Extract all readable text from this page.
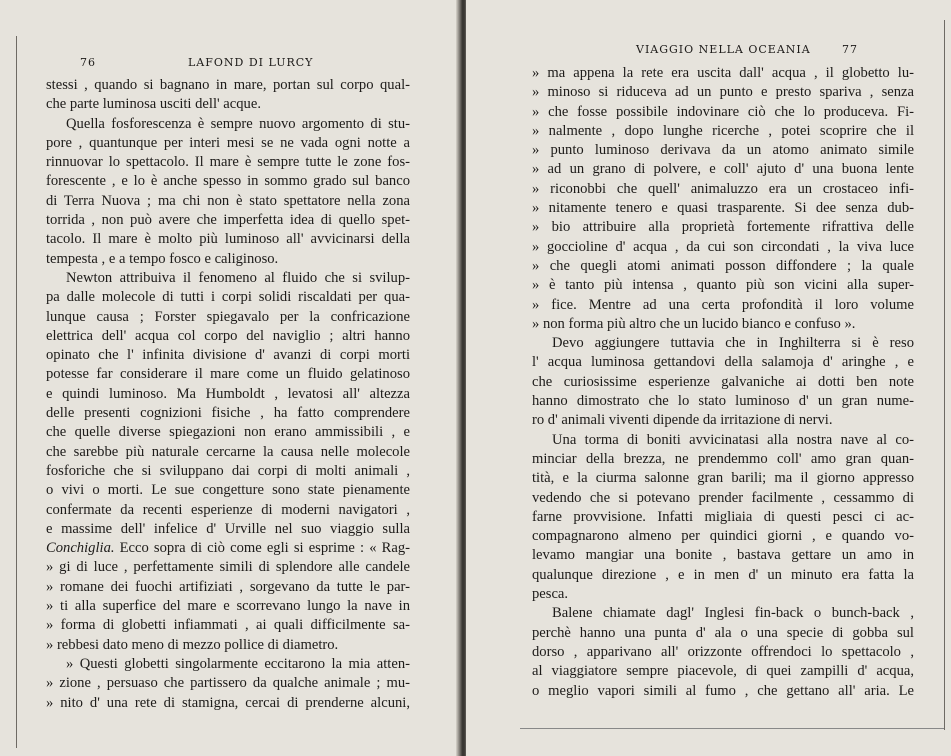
76	LAFOND DI LURCY
stessi , quando si bagnano in mare, portan sul corpo qual-
che parte luminosa usciti dell' acque.
Quella fosforescenza è sempre nuovo argomento di stu-
pore , quantunque per interi mesi se ne vada ogni notte a
rinnuovar lo spettacolo. Il mare è sempre tutte le zone fos-
forescente , e lo è anche spesso in sommo grado sul banco
di Terra Nuova ; ma chi non è stato spettatore nella zona
torrida , non può avere che imperfetta idea di quello spet-
tacolo. Il mare è molto più luminoso all' avvicinarsi della
tempesta , e a tempo fosco e caliginoso.
Newton attribuiva il fenomeno al fluido che si svilup-
pa dalle molecole di tutti i corpi solidi riscaldati per qua-
lunque causa ; Forster spiegavalo per la confricazione
elettrica dell' acqua col corpo del naviglio ; altri hanno
opinato che l' infinita divisione d' avanzi di corpi morti
potesse far considerare il mare come un fluido gelatinoso
e quindi luminoso. Ma Humboldt , levatosi all' altezza
delle presenti cognizioni fisiche , ha fatto comprendere
che quelle diverse spiegazioni non erano ammissibili , e
che sarebbe più naturale cercarne la causa nelle molecole
fosforiche che si sviluppano dai corpi di molti animali ,
o vivi o morti. Le sue congetture sono state pienamente
confermate da recenti esperienze di moderni navigatori ,
e massime dell' infelice d' Urville nel suo viaggio sulla
Conchiglia. Ecco sopra di ciò come egli si esprime : « Rag-
» gi di luce , perfettamente simili di splendore alle candele
» romane dei fuochi artifiziati , sorgevano da tutte le par-
» ti alla superfice del mare e scorrevano lungo la nave in
» forma di globetti infiammati , ai quali difficilmente sa-
» rebbesi dato meno di mezzo pollice di diametro.
» Questi globetti singolarmente eccitarono la mia atten-
» zione , persuaso che partissero da qualche animale ; mu-
» nito d' una rete di stamigna, cercai di prenderne alcuni,
VIAGGIO NELLA OCEANIA	77
» ma appena la rete era uscita dall' acqua , il globetto lu-
» minoso si riduceva ad un punto e presto spariva , senza
» che fosse possibile indovinare ciò che lo produceva. Fi-
» nalmente , dopo lunghe ricerche , potei scoprire che il
» punto luminoso derivava da un atomo animato simile
» ad un grano di polvere, e coll' ajuto d' una buona lente
» riconobbi che quell' animaluzzo era un crostaceo infi-
» nitamente tenero e quasi trasparente. Si dee senza dub-
» bio attribuire alla proprietà fortemente rifrattiva delle
» goccioline d' acqua , da cui son circondati , la viva luce
» che quegli atomi animati posson diffondere ; la quale
» è tanto più intensa , quanto più son vicini alla super-
» fice. Mentre ad una certa profondità il loro volume
» non forma più altro che un lucido bianco e confuso ».
Devo aggiungere tuttavia che in Inghilterra si è reso
l' acqua luminosa gettandovi della salamoja d' aringhe , e
che curiosissime esperienze galvaniche ai dotti ben note
hanno dimostrato che lo stato luminoso d' un gran nume-
ro d' animali viventi dipende da irritazione di nervi.
Una torma di boniti avvicinatasi alla nostra nave al co-
minciar della brezza, ne prendemmo coll' amo gran quan-
tità, e la ciurma salonne gran barili; ma il giorno appresso
vedendo che si potevano prender facilmente , cessammo di
farne provvisione. Infatti migliaia di questi pesci ci ac-
compagnarono almeno per quindici giorni , e quando vo-
levamo mangiar una bonite , bastava gettare un amo in
qualunque direzione , e in men d' un minuto era fatta la
pesca.
Balene chiamate dagl' Inglesi fin-back o bunch-back ,
perchè hanno una punta d' ala o una specie di gobba sul
dorso , apparivano all' orizzonte offrendoci lo spettacolo ,
al viaggiatore sempre piacevole, di quei zampilli d' acqua,
o meglio vapori simili al fumo , che gettano all' aria. Le
